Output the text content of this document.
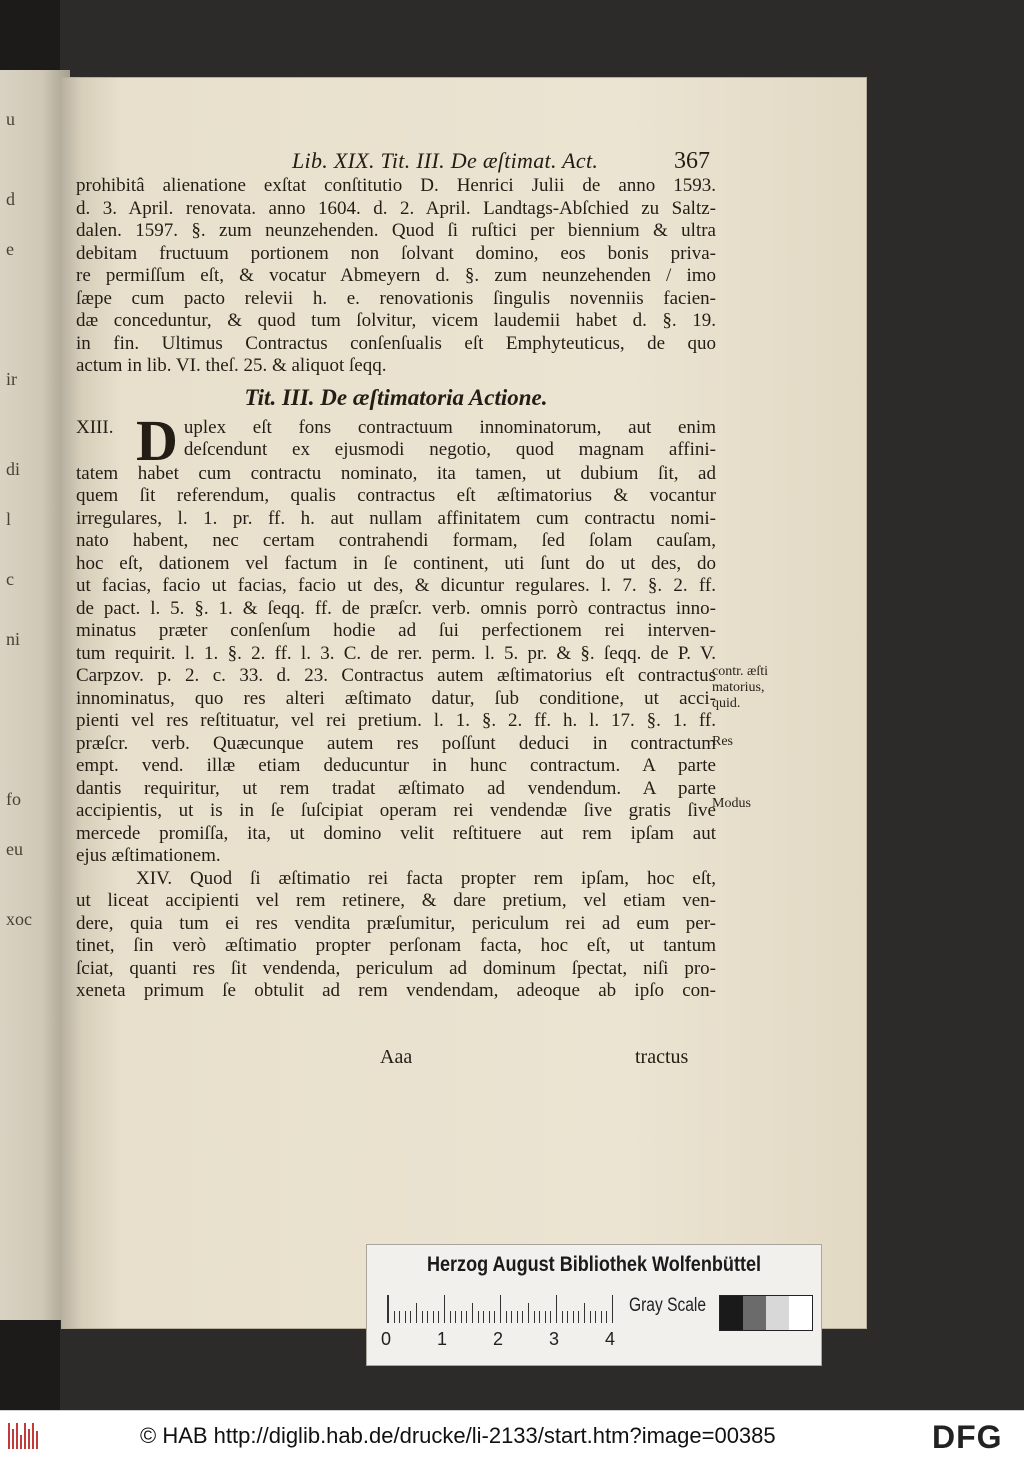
u
d
e
ir
di
l
c
ni
fo
eu
xoc
Lib. XIX. Tit. III. De æſtimat. Act.	367
prohibitâ alienatione exſtat conſtitutio D. Henrici Julii de anno 1593.
d. 3. April. renovata. anno 1604. d. 2. April. Landtags-Abſchied zu Saltz-
dalen. 1597. §. zum neunzehenden. Quod ſi ruſtici per biennium & ultra
debitam fructuum portionem non ſolvant domino, eos bonis priva-
re permiſſum eſt, & vocatur Abmeyern d. §. zum neunzehenden / imo
ſæpe cum pacto relevii h. e. renovationis ſingulis novenniis facien-
dæ conceduntur, & quod tum ſolvitur, vicem laudemii habet d. §. 19.
in fin. Ultimus Contractus conſenſualis eſt Emphyteuticus, de quo
actum in lib. VI. theſ. 25. & aliquot ſeqq.
Tit. III. De æſtimatoria Actione.
XIII. D uplex eſt fons contractuum innominatorum, aut enim
deſcendunt ex ejusmodi negotio, quod magnam affini-
tatem habet cum contractu nominato, ita tamen, ut dubium ſit, ad
quem ſit referendum, qualis contractus eſt æſtimatorius & vocantur
irregulares, l. 1. pr. ff. h. aut nullam affinitatem cum contractu nomi-
nato habent, nec certam contrahendi formam, ſed ſolam cauſam,
hoc eſt, dationem vel factum in ſe continent, uti ſunt do ut des, do
ut facias, facio ut facias, facio ut des, & dicuntur regulares. l. 7. §. 2. ff.
de pact. l. 5. §. 1. & ſeqq. ff. de præſcr. verb. omnis porrò contractus inno-
minatus præter conſenſum hodie ad ſui perfectionem rei interven-
tum requirit. l. 1. §. 2. ff. l. 3. C. de rer. perm. l. 5. pr. & §. ſeqq. de P. V.
Carpzov. p. 2. c. 33. d. 23. Contractus autem æſtimatorius eſt contractus
innominatus, quo res alteri æſtimato datur, ſub conditione, ut acci-
pienti vel res reſtituatur, vel rei pretium. l. 1. §. 2. ff. h. l. 17. §. 1. ff.
præſcr. verb. Quæcunque autem res poſſunt deduci in contractum
empt. vend. illæ etiam deducuntur in hunc contractum. A parte
dantis requiritur, ut rem tradat æſtimato ad vendendum. A parte
accipientis, ut is in ſe ſuſcipiat operam rei vendendæ ſive gratis ſive
mercede promiſſa, ita, ut domino velit reſtituere aut rem ipſam aut
ejus æſtimationem.
XIV. Quod ſi æſtimatio rei facta propter rem ipſam, hoc eſt,
ut liceat accipienti vel rem retinere, & dare pretium, vel etiam ven-
dere, quia tum ei res vendita præſumitur, periculum rei ad eum per-
tinet, ſin verò æſtimatio propter perſonam facta, hoc eſt, ut tantum
ſciat, quanti res ſit vendenda, periculum ad dominum ſpectat, niſi pro-
xeneta primum ſe obtulit ad rem vendendam, adeoque ab ipſo con-
contr. æſti
matorius,
quid.
Res
Modus
Aaa	tractus
Herzog August Bibliothek Wolfenbüttel
0	1	2	3	4
Gray Scale
© HAB http://diglib.hab.de/drucke/li-2133/start.htm?image=00385	DFG
